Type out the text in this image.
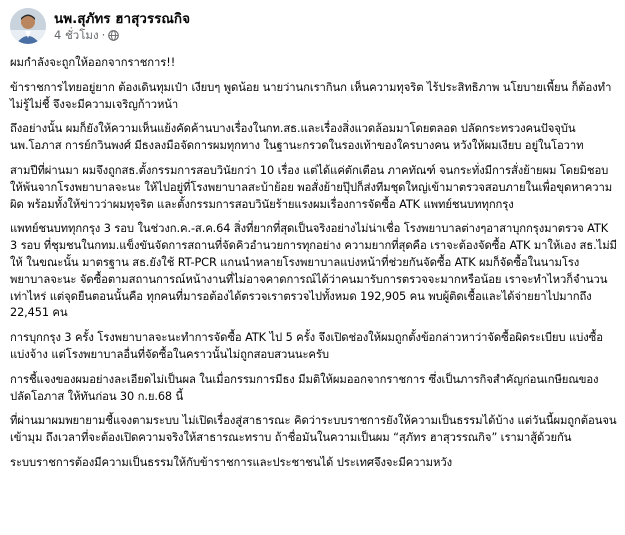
นพ.สุภัทร ฮาสุวรรณกิจ
4 ชั่วโมง ·

ผมกำลังจะถูกให้ออกจากราชการ!!

ข้าราชการไทยอยู่ยาก ต้องเดินทุมเป๋า เงียบๆ พูดน้อย นายว่านกเรากินก เห็นความทุจริต ไร้ประสิทธิภาพ นโยบายเพี้ยน ก็ต้องทำไม่รู้ไม่ชี้ จึงจะมีความเจริญก้าวหน้า

ถึงอย่างนั้น ผมก็ยังให้ความเห็นแย้งคัดค้านบางเรื่องในกท.สธ.และเรื่องสิ่งแวดล้อมมาโดยตลอด ปลัดกระทรวงคนปัจจุบัน นพ.โอภาส การย์กวินพงศ์ มีธงลงมือจัดการผมทุกทาง ในฐานะกรวดในรองเท้าของใครบางคน หวังให้ผมเงียบ อยู่ในโอวาท

สามปีที่ผ่านมา ผมจึงถูกสธ.ตั้งกรรมการสอบวินัยกว่า 10 เรื่อง แต่ได้แค่ตักเตือน ภาคทัณฑ์ จนกระทั่งมีการสั่งย้ายผม โดยมิชอบ ให้พ้นจากโรงพยาบาลจะนะ ให้ไปอยู่ที่โรงพยาบาลสะบ้าย้อย พอสั่งย้ายปุ๊ปก็ส่งทีมชุดใหญ่เข้ามาตรวจสอบภายในเพื่อขุดหาความผิด พร้อมทั้งให้ข่าวว่าผมทุจริต และตั้งกรรมการสอบวินัยร้ายแรงผมเรื่องการจัดซื้อ ATK แพทย์ชนบททุกกรุง

แพทย์ชนบททุกกรุง 3 รอบ ในช่วงก.ค.-ส.ค.64 สิ่งที่ยากที่สุดเป็นจริงอย่างไม่น่าเชื่อ โรงพยาบาลต่างๆอาสาบุกกรุงมาตรวจ ATK 3 รอบ ที่ชุมชนในกทม.แข็งขันจัดการสถานที่จัดคิวอำนวยการทุกอย่าง ความยากที่สุดคือ เราจะต้องจัดซื้อ ATK มาให้เอง สธ.ไม่มีให้ ในขณะนั้น มาตรฐาน สธ.ยังใช้ RT-PCR แกนนำหลายโรงพยาบาลแบ่งหน้าที่ช่วยกันจัดซื้อ ATK ผมก็จัดซื้อในนามโรงพยาบาลจะนะ จัดซื้อตามสถานการณ์หน้างานที่ไม่อาจคาดการณ์ได้ว่าคนมารับการตรวจจะมากหรือน้อย เราจะทำไหวก็จำนวนเท่าไหร่ แต่จุดยืนตอนนั้นคือ ทุกคนที่มารอต้องได้ตรวจเราตรวจไปทั้งหมด 192,905 คน พบผู้ติดเชื้อและได้จ่ายยาไปมากถึง 22,451 คน

การบุกกรุง 3 ครั้ง โรงพยาบาลจะนะทำการจัดซื้อ ATK ไป 5 ครั้ง จึงเปิดช่องให้ผมถูกตั้งข้อกล่าวหาว่าจัดซื้อผิดระเบียบ แบ่งซื้อแบ่งจ้าง แต่โรงพยาบาลอื่นที่จัดซื้อในคราวนั้นไม่ถูกสอบสวนนะครับ

การชี้แจงของผมอย่างละเอียดไม่เป็นผล ในเมื่อกรรมการมีธง มีมติให้ผมออกจากราชการ ซึ่งเป็นภารกิจสำคัญก่อนเกษียณของปลัดโอภาส ให้ทันก่อน 30 ก.ย.68 นี้

ที่ผ่านมาผมพยายามชี้แจงตามระบบ ไม่เปิดเรื่องสู่สาธารณะ คิดว่าระบบราชการยังให้ความเป็นธรรมได้บ้าง แต่วันนี้ผมถูกต้อนจนเข้ามุม ถึงเวลาที่จะต้องเปิดความจริงให้สาธารณะทราบ ถ้าชื่อมันในความเป็นผม “สุภัทร ฮาสุวรรณกิจ” เรามาสู้ด้วยกัน

ระบบราชการต้องมีความเป็นธรรมให้กับข้าราชการและประชาชนได้ ประเทศจึงจะมีความหวัง
